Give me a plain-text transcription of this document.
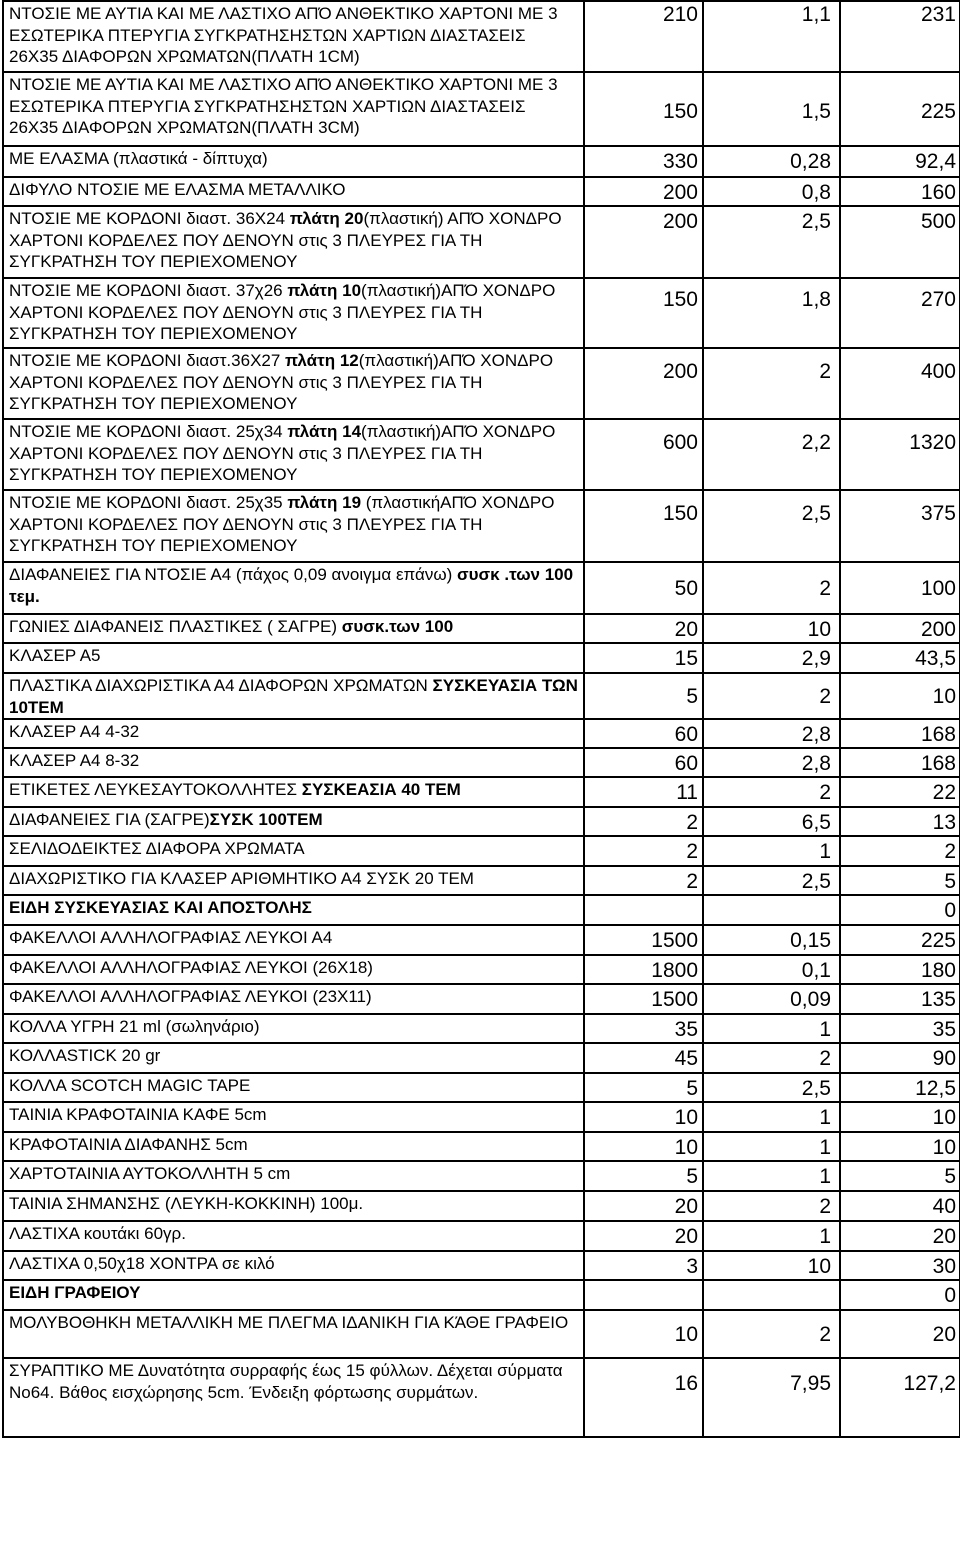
ΝΤΟΣΙΕ ΜΕ ΑΥΤΙΑ ΚΑΙ ΜΕ ΛΑΣΤΙΧΟ ΑΠΌ ΑΝΘΕΚΤΙΚΟ ΧΑΡΤΟΝΙ ΜΕ 3 ΕΣΩΤΕΡΙΚΑ ΠΤΕΡΥΓΙΑ ΣΥΓΚΡΑΤΗΣΗΣΤΩΝ ΧΑΡΤΙΩΝ ΔΙΑΣΤΑΣΕΙΣ 26Χ35 ΔΙΑΦΟΡΩΝ ΧΡΩΜΑΤΩΝ(ΠΛΑΤΗ 1CM)	210	1,1	231
ΝΤΟΣΙΕ ΜΕ ΑΥΤΙΑ ΚΑΙ ΜΕ ΛΑΣΤΙΧΟ ΑΠΌ ΑΝΘΕΚΤΙΚΟ ΧΑΡΤΟΝΙ ΜΕ 3 ΕΣΩΤΕΡΙΚΑ ΠΤΕΡΥΓΙΑ ΣΥΓΚΡΑΤΗΣΗΣΤΩΝ ΧΑΡΤΙΩΝ ΔΙΑΣΤΑΣΕΙΣ 26Χ35 ΔΙΑΦΟΡΩΝ ΧΡΩΜΑΤΩΝ(ΠΛΑΤΗ 3CM)	150	1,5	225
ΜΕ ΕΛΑΣΜΑ (πλαστικά - δίπτυχα)	330	0,28	92,4
ΔΙΦΥΛΟ ΝΤΟΣΙΕ ΜΕ ΕΛΑΣΜΑ ΜΕΤΑΛΛΙΚΟ	200	0,8	160
ΝΤΟΣΙΕ ΜΕ ΚΟΡΔΟΝΙ διαστ. 36Χ24 πλάτη 20(πλαστική) ΑΠΌ ΧΟΝΔΡΟ ΧΑΡΤΟΝΙ ΚΟΡΔΕΛΕΣ ΠΟΥ ΔΕΝΟΥΝ στις 3 ΠΛΕΥΡΕΣ ΓΙΑ ΤΗ ΣΥΓΚΡΑΤΗΣΗ ΤΟΥ ΠΕΡΙΕΧΟΜΕΝΟΥ	200	2,5	500
ΝΤΟΣΙΕ ΜΕ ΚΟΡΔΟΝΙ διαστ. 37χ26 πλάτη 10(πλαστική)ΑΠΌ ΧΟΝΔΡΟ ΧΑΡΤΟΝΙ ΚΟΡΔΕΛΕΣ ΠΟΥ ΔΕΝΟΥΝ στις 3 ΠΛΕΥΡΕΣ ΓΙΑ ΤΗ ΣΥΓΚΡΑΤΗΣΗ ΤΟΥ ΠΕΡΙΕΧΟΜΕΝΟΥ	150	1,8	270
ΝΤΟΣΙΕ ΜΕ ΚΟΡΔΟΝΙ διαστ.36Χ27 πλάτη 12(πλαστική)ΑΠΌ ΧΟΝΔΡΟ ΧΑΡΤΟΝΙ ΚΟΡΔΕΛΕΣ ΠΟΥ ΔΕΝΟΥΝ στις 3 ΠΛΕΥΡΕΣ ΓΙΑ ΤΗ ΣΥΓΚΡΑΤΗΣΗ ΤΟΥ ΠΕΡΙΕΧΟΜΕΝΟΥ	200	2	400
ΝΤΟΣΙΕ ΜΕ ΚΟΡΔΟΝΙ διαστ. 25χ34 πλάτη 14(πλαστική)ΑΠΌ ΧΟΝΔΡΟ ΧΑΡΤΟΝΙ ΚΟΡΔΕΛΕΣ ΠΟΥ ΔΕΝΟΥΝ στις 3 ΠΛΕΥΡΕΣ ΓΙΑ ΤΗ ΣΥΓΚΡΑΤΗΣΗ ΤΟΥ ΠΕΡΙΕΧΟΜΕΝΟΥ	600	2,2	1320
ΝΤΟΣΙΕ ΜΕ ΚΟΡΔΟΝΙ διαστ. 25χ35 πλάτη 19 (πλαστικήΑΠΌ ΧΟΝΔΡΟ ΧΑΡΤΟΝΙ ΚΟΡΔΕΛΕΣ ΠΟΥ ΔΕΝΟΥΝ στις 3 ΠΛΕΥΡΕΣ ΓΙΑ ΤΗ ΣΥΓΚΡΑΤΗΣΗ ΤΟΥ ΠΕΡΙΕΧΟΜΕΝΟΥ	150	2,5	375
ΔΙΑΦΑΝΕΙΕΣ ΓΙΑ ΝΤΟΣΙΕ Α4 (πάχος 0,09 ανοιγμα επάνω) συσκ .των 100 τεμ.	50	2	100
ΓΩΝΙΕΣ ΔΙΑΦΑΝΕΙΣ ΠΛΑΣΤΙΚΕΣ ( ΣΑΓΡΕ) συσκ.των 100	20	10	200
ΚΛΑΣΕΡ Α5	15	2,9	43,5
ΠΛΑΣΤΙΚΑ ΔΙΑΧΩΡΙΣΤΙΚΑ Α4 ΔΙΑΦΟΡΩΝ ΧΡΩΜΑΤΩΝ ΣΥΣΚΕΥΑΣΙΑ ΤΩΝ 10ΤΕΜ	5	2	10
ΚΛΑΣΕΡ Α4 4-32	60	2,8	168
ΚΛΑΣΕΡ Α4 8-32	60	2,8	168
ΕΤΙΚΕΤΕΣ ΛΕΥΚΕΣΑΥΤΟΚΟΛΛΗΤΕΣ ΣΥΣΚΕΑΣΙΑ 40 ΤΕΜ	11	2	22
ΔΙΑΦΑΝΕΙΕΣ ΓΙΑ (ΣΑΓΡΕ)ΣΥΣΚ 100ΤΕΜ	2	6,5	13
ΣΕΛΙΔΟΔΕΙΚΤΕΣ ΔΙΑΦΟΡΑ ΧΡΩΜΑΤΑ	2	1	2
ΔΙΑΧΩΡΙΣΤΙΚΟ ΓΙΑ ΚΛΑΣΕΡ ΑΡΙΘΜΗΤΙΚΟ Α4 ΣΥΣΚ 20 ΤΕΜ	2	2,5	5
ΕΙΔΗ ΣΥΣΚΕΥΑΣΙΑΣ ΚΑΙ ΑΠΟΣΤΟΛΗΣ			0
ΦΑΚΕΛΛΟΙ ΑΛΛΗΛΟΓΡΑΦΙΑΣ ΛΕΥΚΟΙ Α4	1500	0,15	225
ΦΑΚΕΛΛΟΙ ΑΛΛΗΛΟΓΡΑΦΙΑΣ ΛΕΥΚΟΙ (26Χ18)	1800	0,1	180
ΦΑΚΕΛΛΟΙ ΑΛΛΗΛΟΓΡΑΦΙΑΣ ΛΕΥΚΟΙ (23Χ11)	1500	0,09	135
ΚΟΛΛΑ ΥΓΡΗ 21 ml (σωληνάριο)	35	1	35
ΚΟΛΛASTICK 20 gr	45	2	90
ΚΟΛΛΑ SCOTCH MAGIC TAPE	5	2,5	12,5
ΤΑΙΝΙΑ ΚΡΑΦΟΤΑΙΝΙΑ ΚΑΦΕ 5cm	10	1	10
ΚΡΑΦΟΤΑΙΝΙΑ ΔΙΑΦΑΝΗΣ 5cm	10	1	10
ΧΑΡΤΟΤΑΙΝΙΑ ΑΥΤΟΚΟΛΛΗΤΗ 5 cm	5	1	5
ΤΑΙΝΙΑ ΣΗΜΑΝΣΗΣ (ΛΕΥΚΗ-ΚΟΚΚΙΝΗ) 100μ.	20	2	40
ΛΑΣΤΙΧΑ κουτάκι 60γρ.	20	1	20
ΛΑΣΤΙΧΑ 0,50χ18 ΧΟΝΤΡΑ σε κιλό	3	10	30
ΕΙΔΗ ΓΡΑΦΕΙΟΥ			0
ΜΟΛΥΒΟΘΗΚΗ ΜΕΤΑΛΛΙΚΗ ΜΕ ΠΛΕΓΜΑ ΙΔΑΝΙΚΗ ΓΙΑ ΚΆΘΕ ΓΡΑΦΕΙΟ	10	2	20
ΣΥΡΑΠΤΙΚΟ ΜΕ Δυνατότητα συρραφής έως 15 φύλλων. Δέχεται σύρματα Νο64. Βάθος εισχώρησης 5cm. Ένδειξη φόρτωσης συρμάτων.	16	7,95	127,2
